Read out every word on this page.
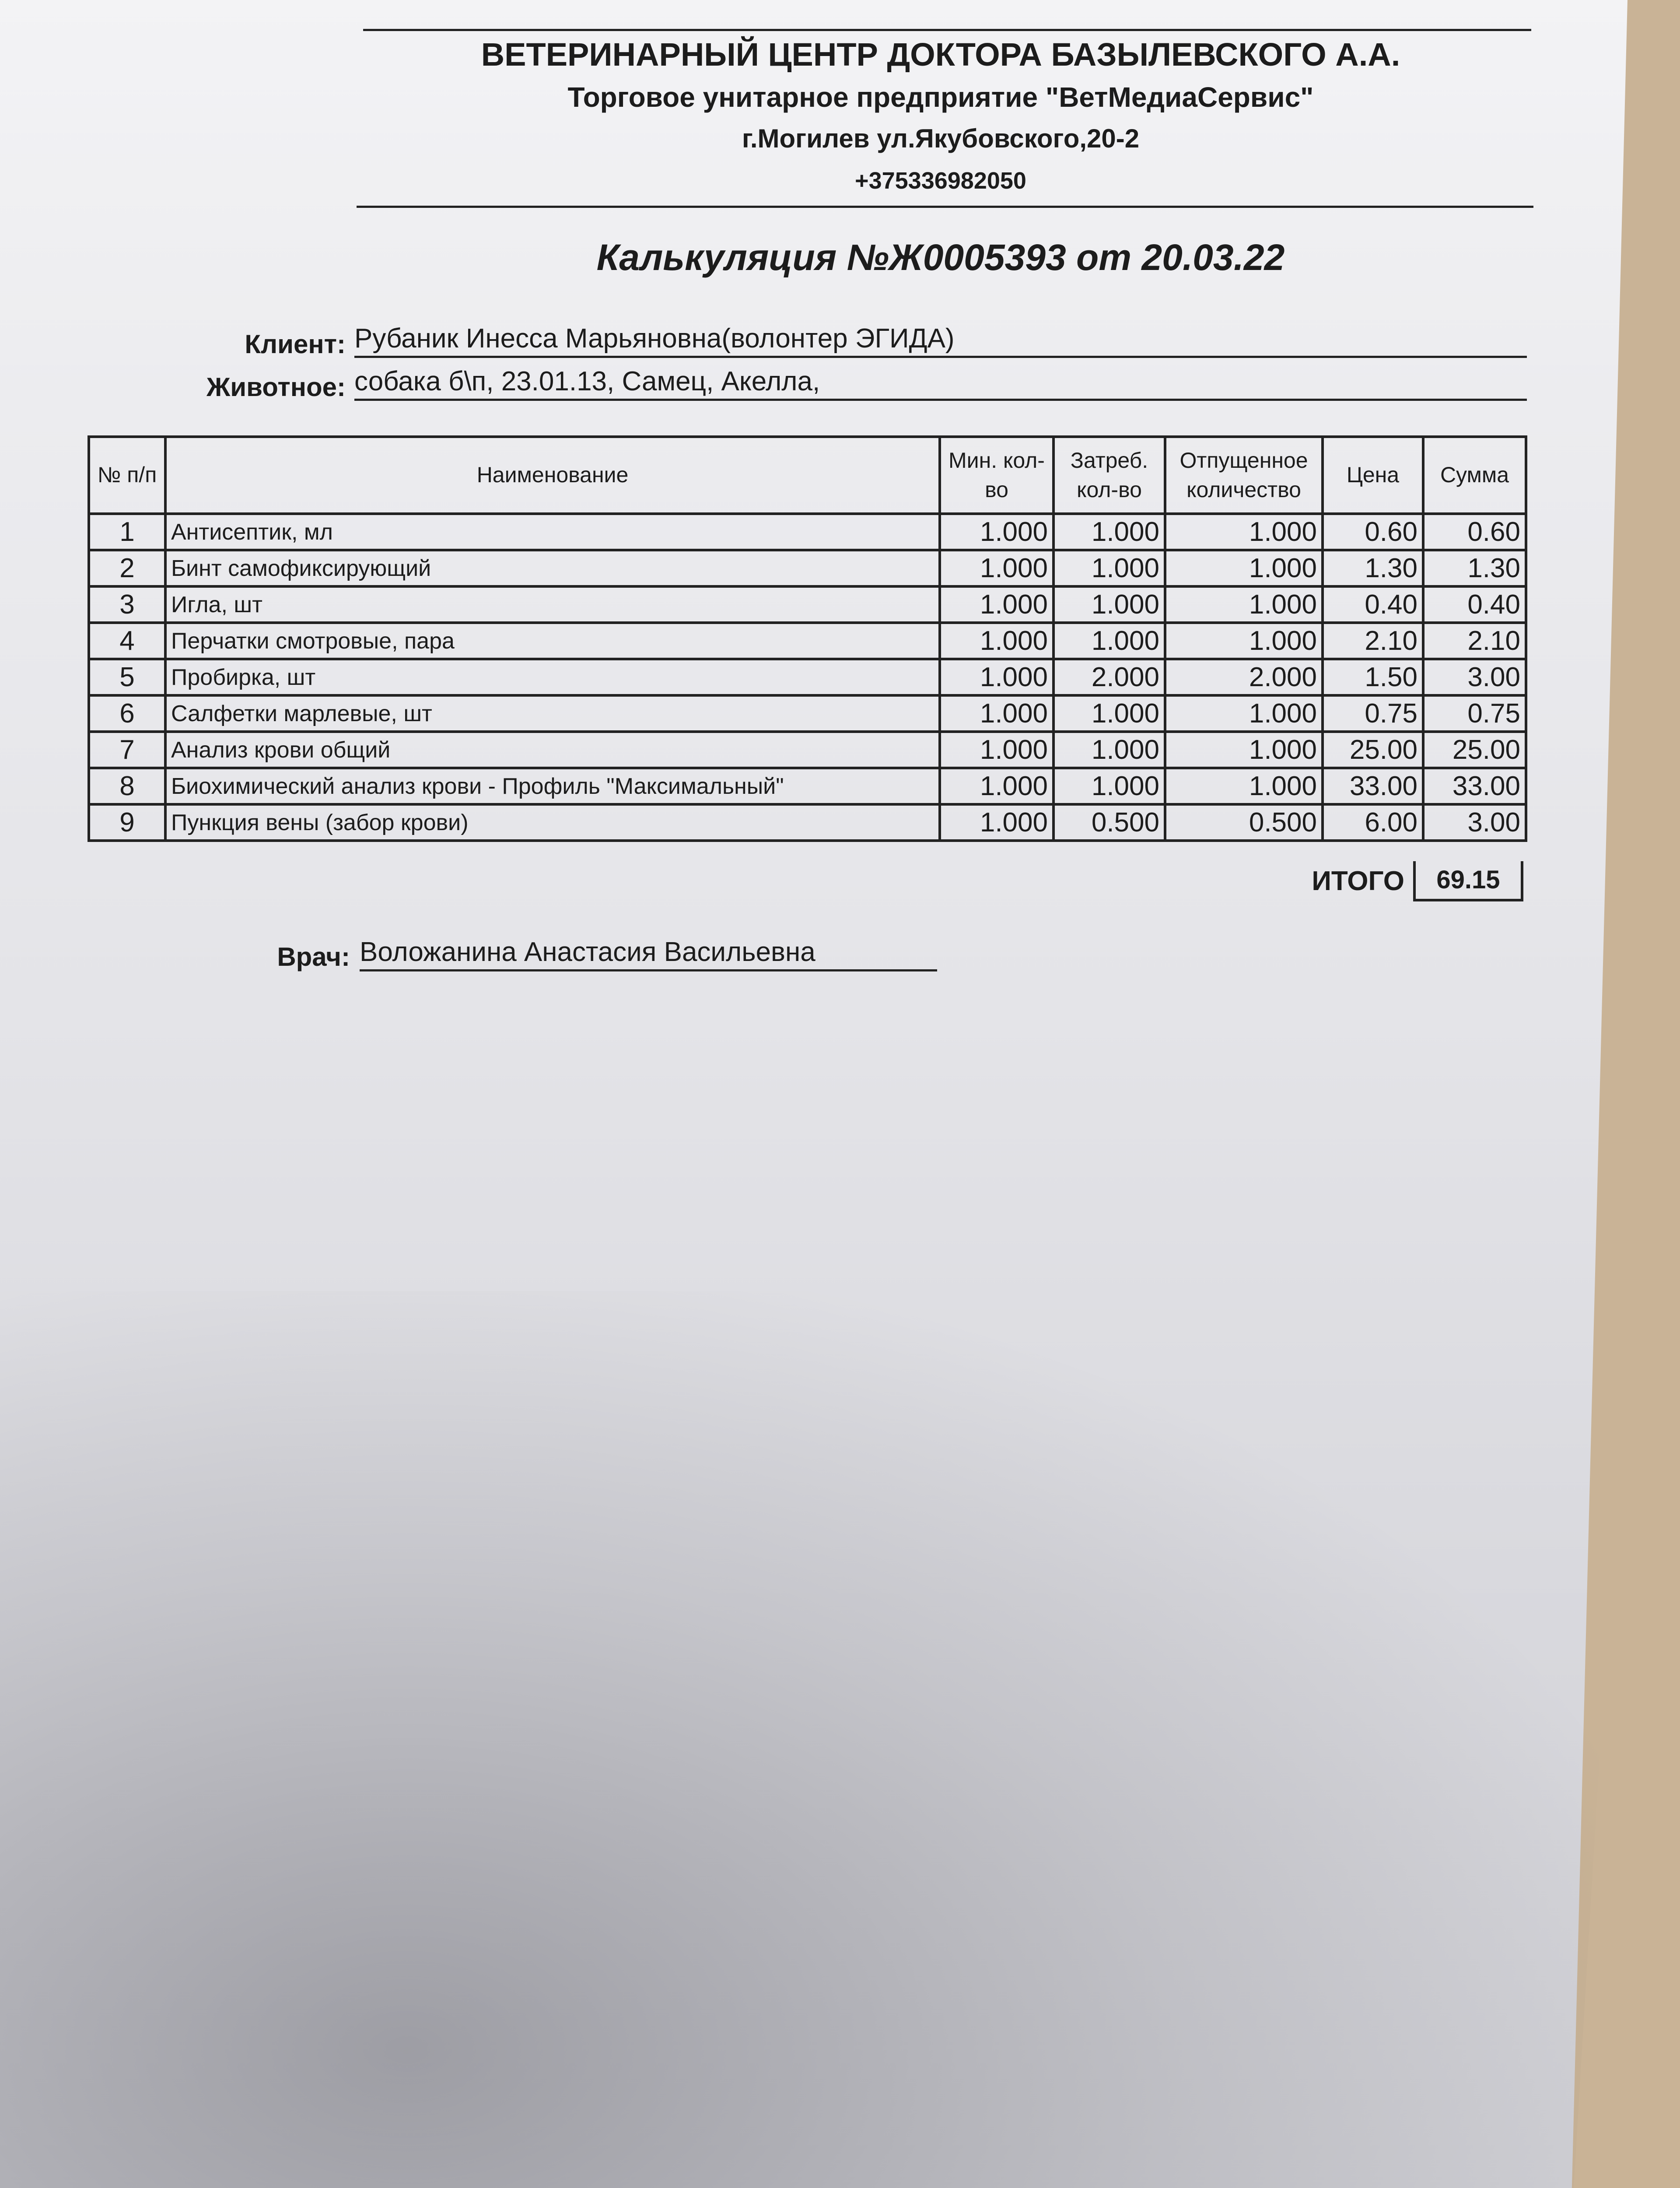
ВЕТЕРИНАРНЫЙ ЦЕНТР ДОКТОРА БАЗЫЛЕВСКОГО А.А.
Торговое унитарное предприятие "ВетМедиаСервис"
г.Могилев ул.Якубовского,20-2
+375336982050
Калькуляция №Ж0005393 от 20.03.22
Клиент: Рубаник Инесса Марьяновна(волонтер ЭГИДА)
Животное: собака б\п, 23.01.13, Самец, Акелла,
№ п/п	Наименование	Мин. кол-во	Затреб. кол-во	Отпущенное количество	Цена	Сумма
1	Антисептик, мл	1.000	1.000	1.000	0.60	0.60
2	Бинт самофиксирующий	1.000	1.000	1.000	1.30	1.30
3	Игла, шт	1.000	1.000	1.000	0.40	0.40
4	Перчатки смотровые, пара	1.000	1.000	1.000	2.10	2.10
5	Пробирка, шт	1.000	2.000	2.000	1.50	3.00
6	Салфетки марлевые, шт	1.000	1.000	1.000	0.75	0.75
7	Анализ крови общий	1.000	1.000	1.000	25.00	25.00
8	Биохимический анализ крови - Профиль "Максимальный"	1.000	1.000	1.000	33.00	33.00
9	Пункция вены (забор крови)	1.000	0.500	0.500	6.00	3.00
ИТОГО	69.15
Врач: Воложанина Анастасия Васильевна
